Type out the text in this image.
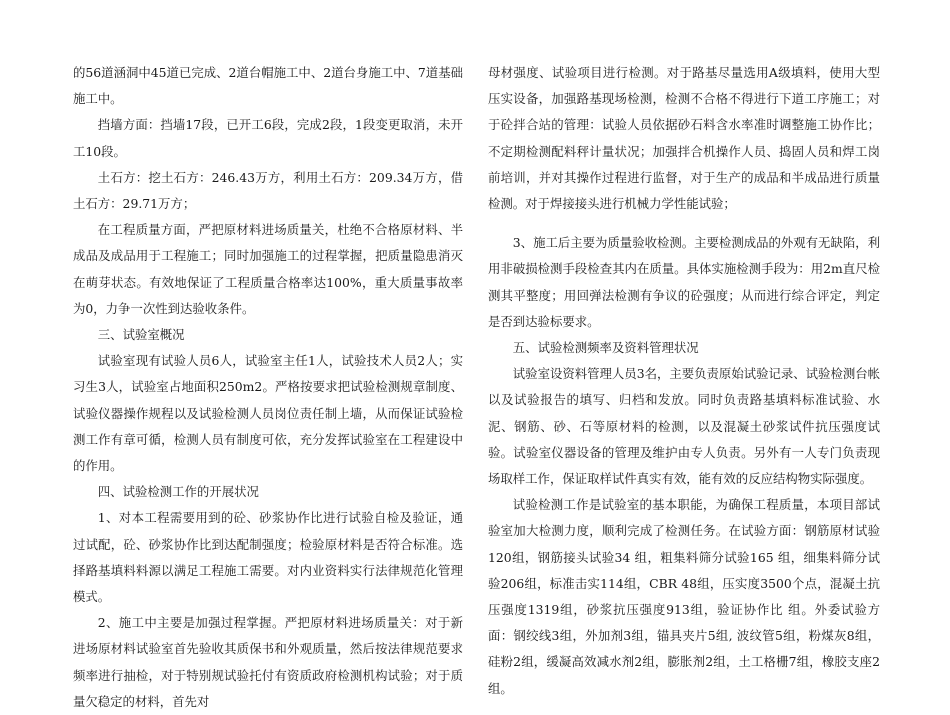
的56道涵洞中45道已完成、2道台帽施工中、2道台身施工中、7道基础施工中。

挡墙方面：挡墙17段，已开工6段，完成2段，1段变更取消，未开工10段。

土石方：挖土石方：246.43万方，利用土石方：209.34万方，借土石方：29.71万方；

在工程质量方面，严把原材料进场质量关，杜绝不合格原材料、半成品及成品用于工程施工；同时加强施工的过程掌握，把质量隐患消灭在萌芽状态。有效地保证了工程质量合格率达100%，重大质量事故率为0，力争一次性到达验收条件。

三、试验室概况

试验室现有试验人员6人，试验室主任1人，试验技术人员2人；实习生3人，试验室占地面积250m2。严格按要求把试验检测规章制度、试验仪器操作规程以及试验检测人员岗位责任制上墙，从而保证试验检测工作有章可循，检测人员有制度可依，充分发挥试验室在工程建设中的作用。

四、试验检测工作的开展状况

1、对本工程需要用到的砼、砂浆协作比进行试验自检及验证，通过试配，砼、砂浆协作比到达配制强度；检验原材料是否符合标准。选择路基填料料源以满足工程施工需要。对内业资料实行法律规范化管理模式。

2、施工中主要是加强过程掌握。严把原材料进场质量关：对于新进场原材料试验室首先验收其质保书和外观质量，然后按法律规范要求频率进行抽检，对于特别规试验托付有资质政府检测机构试验；对于质量欠稳定的材料，首先对

母材强度、试验项目进行检测。对于路基尽量选用A级填料，使用大型压实设备，加强路基现场检测，检测不合格不得进行下道工序施工；对于砼拌合站的管理：试验人员依据砂石料含水率准时调整施工协作比；不定期检测配料秤计量状况；加强拌合机操作人员、捣固人员和焊工岗前培训，并对其操作过程进行监督，对于生产的成品和半成品进行质量检测。对于焊接接头进行机械力学性能试验；

3、施工后主要为质量验收检测。主要检测成品的外观有无缺陷，利用非破损检测手段检查其内在质量。具体实施检测手段为：用2m直尺检测其平整度；用回弹法检测有争议的砼强度；从而进行综合评定，判定是否到达验标要求。

五、试验检测频率及资料管理状况

试验室设资料管理人员3名，主要负责原始试验记录、试验检测台帐以及试验报告的填写、归档和发放。同时负责路基填料标准试验、水泥、钢筋、砂、石等原材料的检测，以及混凝土砂浆试件抗压强度试验。试验室仪器设备的管理及维护由专人负责。另外有一人专门负责现场取样工作，保证取样试件真实有效，能有效的反应结构物实际强度。

试验检测工作是试验室的基本职能，为确保工程质量，本项目部试验室加大检测力度，顺利完成了检测任务。在试验方面：钢筋原材试验120组，钢筋接头试验34 组，粗集料筛分试验165 组，细集料筛分试验206组，标准击实114组，CBR 48组，压实度3500个点，混凝土抗压强度1319组，砂浆抗压强度913组，验证协作比 组。外委试验方面：钢绞线3组，外加剂3组，锚具夹片5组, 波纹管5组，粉煤灰8组，硅粉2组，缓凝高效减水剂2组，膨胀剂2组，土工格栅7组，橡胶支座2组。
